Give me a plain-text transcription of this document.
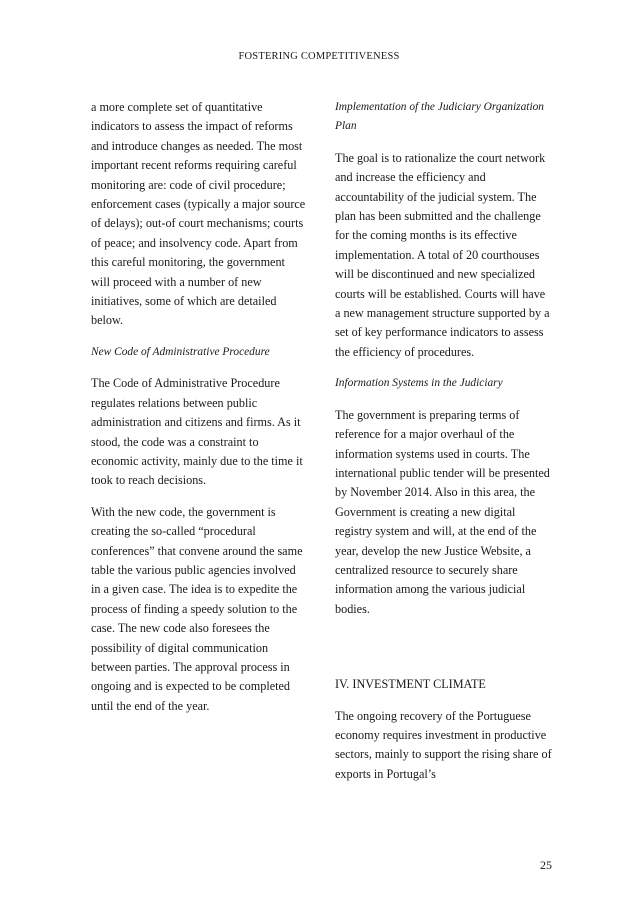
FOSTERING COMPETITIVENESS

a more complete set of quantitative indicators to assess the impact of reforms and introduce changes as needed. The most important recent reforms requiring careful monitoring are: code of civil procedure; enforcement cases (typically a major source of delays); out-of court mechanisms; courts of peace; and insolvency code. Apart from this careful monitoring, the government will proceed with a number of new initiatives, some of which are detailed below.

New Code of Administrative Procedure

The Code of Administrative Procedure regulates relations between public administration and citizens and firms. As it stood, the code was a constraint to economic activity, mainly due to the time it took to reach decisions.

With the new code, the government is creating the so-called “procedural conferences” that convene around the same table the various public agencies involved in a given case. The idea is to expedite the process of finding a speedy solution to the case. The new code also foresees the possibility of digital communication between parties. The approval process in ongoing and is expected to be completed until the end of the year.

Implementation of the Judiciary Organization Plan

The goal is to rationalize the court network and increase the efficiency and accountability of the judicial system. The plan has been submitted and the challenge for the coming months is its effective implementation. A total of 20 courthouses will be discontinued and new specialized courts will be established. Courts will have a new management structure supported by a set of key performance indicators to assess the efficiency of procedures.

Information Systems in the Judiciary

The government is preparing terms of reference for a major overhaul of the information systems used in courts. The international public tender will be presented by November 2014. Also in this area, the Government is creating a new digital registry system and will, at the end of the year, develop the new Justice Website, a centralized resource to securely share information among the various judicial bodies.

IV. INVESTMENT CLIMATE

The ongoing recovery of the Portuguese economy requires investment in productive sectors, mainly to support the rising share of exports in Portugal’s

25
